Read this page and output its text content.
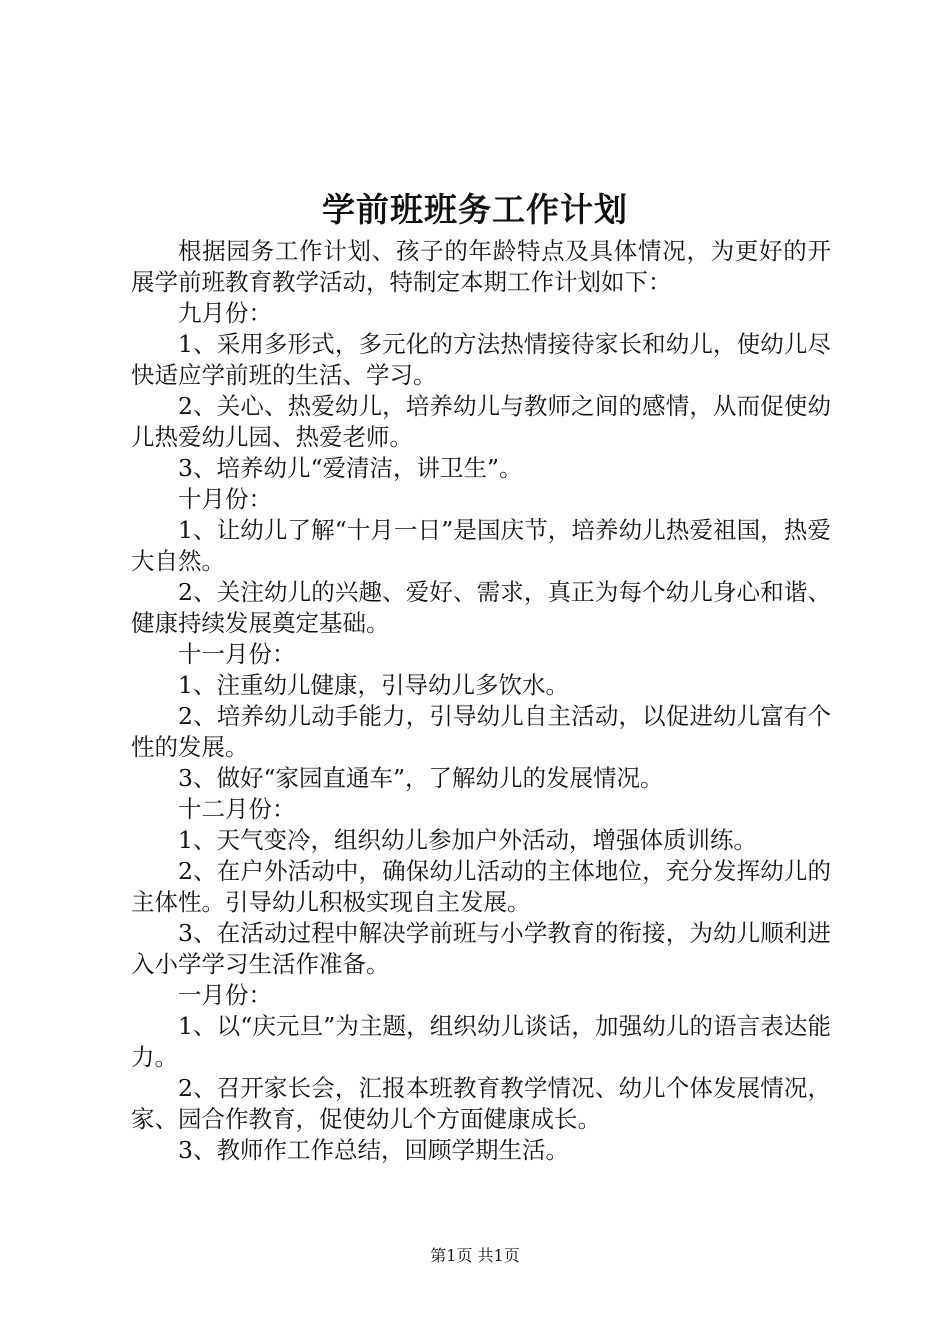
学前班班务工作计划

根据园务工作计划、孩子的年龄特点及具体情况，为更好的开展学前班教育教学活动，特制定本期工作计划如下：

九月份：

1、采用多形式，多元化的方法热情接待家长和幼儿，使幼儿尽快适应学前班的生活、学习。

2、关心、热爱幼儿，培养幼儿与教师之间的感情，从而促使幼儿热爱幼儿园、热爱老师。

3、培养幼儿“爱清洁，讲卫生”。

十月份：

1、让幼儿了解“十月一日”是国庆节，培养幼儿热爱祖国，热爱大自然。

2、关注幼儿的兴趣、爱好、需求，真正为每个幼儿身心和谐、健康持续发展奠定基础。

十一月份：

1、注重幼儿健康，引导幼儿多饮水。

2、培养幼儿动手能力，引导幼儿自主活动，以促进幼儿富有个性的发展。

3、做好“家园直通车”，了解幼儿的发展情况。

十二月份：

1、天气变冷，组织幼儿参加户外活动，增强体质训练。

2、在户外活动中，确保幼儿活动的主体地位，充分发挥幼儿的主体性。引导幼儿积极实现自主发展。

3、在活动过程中解决学前班与小学教育的衔接，为幼儿顺利进入小学学习生活作准备。

一月份：

1、以“庆元旦”为主题，组织幼儿谈话，加强幼儿的语言表达能力。

2、召开家长会，汇报本班教育教学情况、幼儿个体发展情况，家、园合作教育，促使幼儿个方面健康成长。

3、教师作工作总结，回顾学期生活。

第1页 共1页
